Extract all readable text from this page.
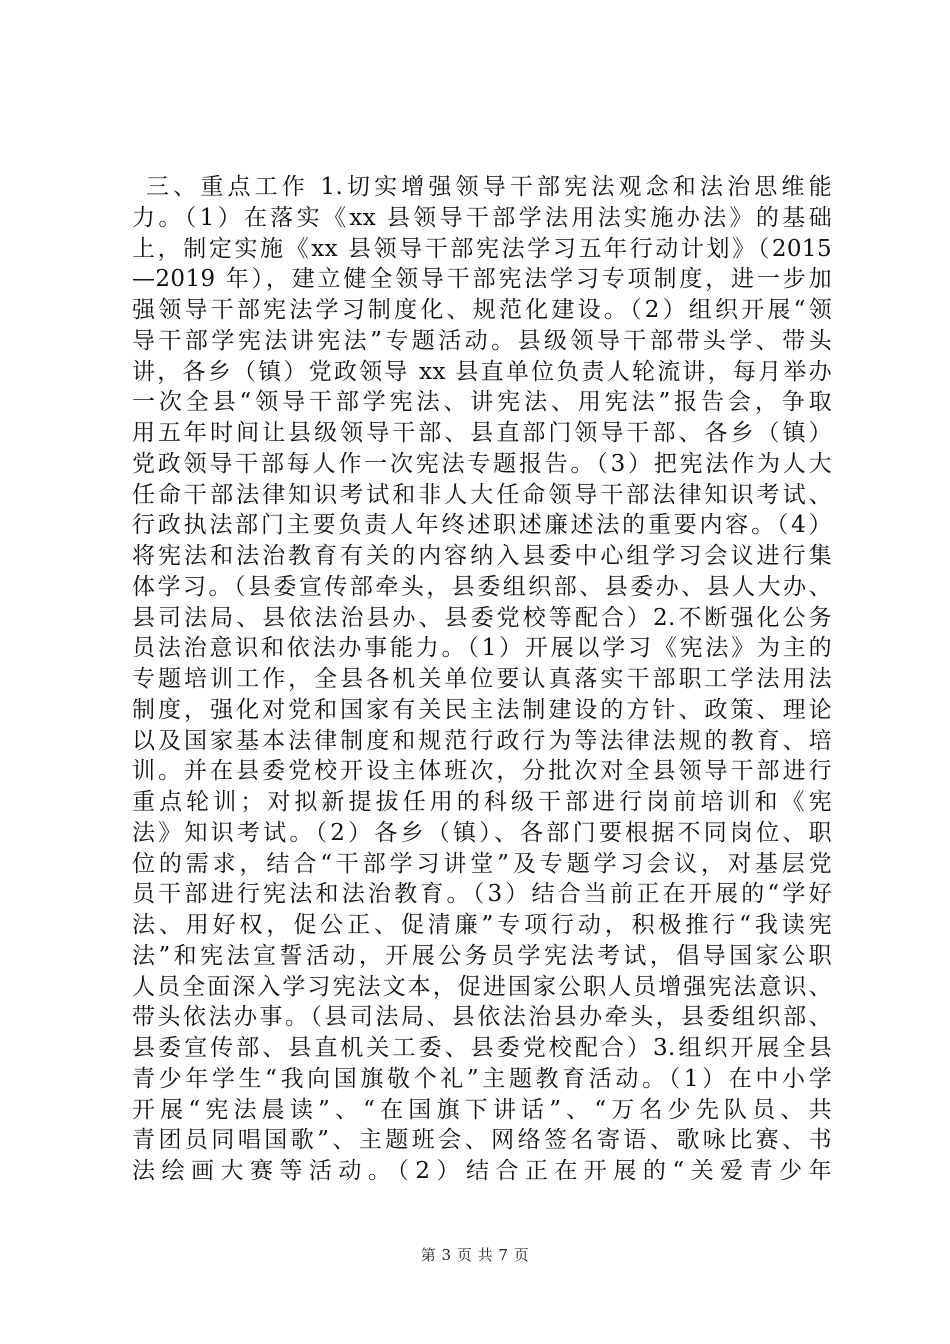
三、重点工作 1.切实增强领导干部宪法观念和法治思维能
力。（1）在落实《xx 县领导干部学法用法实施办法》的基础
上，制定实施《xx 县领导干部宪法学习五年行动计划》（2015
—2019 年），建立健全领导干部宪法学习专项制度，进一步加
强领导干部宪法学习制度化、规范化建设。（2）组织开展“领
导干部学宪法讲宪法”专题活动。县级领导干部带头学、带头
讲，各乡（镇）党政领导 xx 县直单位负责人轮流讲，每月举办
一次全县“领导干部学宪法、讲宪法、用宪法”报告会，争取
用五年时间让县级领导干部、县直部门领导干部、各乡（镇）
党政领导干部每人作一次宪法专题报告。（3）把宪法作为人大
任命干部法律知识考试和非人大任命领导干部法律知识考试、
行政执法部门主要负责人年终述职述廉述法的重要内容。（4）
将宪法和法治教育有关的内容纳入县委中心组学习会议进行集
体学习。（县委宣传部牵头，县委组织部、县委办、县人大办、
县司法局、县依法治县办、县委党校等配合）2.不断强化公务
员法治意识和依法办事能力。（1）开展以学习《宪法》为主的
专题培训工作，全县各机关单位要认真落实干部职工学法用法
制度，强化对党和国家有关民主法制建设的方针、政策、理论
以及国家基本法律制度和规范行政行为等法律法规的教育、培
训。并在县委党校开设主体班次，分批次对全县领导干部进行
重点轮训；对拟新提拔任用的科级干部进行岗前培训和《宪
法》知识考试。（2）各乡（镇）、各部门要根据不同岗位、职
位的需求，结合“干部学习讲堂”及专题学习会议，对基层党
员干部进行宪法和法治教育。（3）结合当前正在开展的“学好
法、用好权，促公正、促清廉”专项行动，积极推行“我读宪
法”和宪法宣誓活动，开展公务员学宪法考试，倡导国家公职
人员全面深入学习宪法文本，促进国家公职人员增强宪法意识、
带头依法办事。（县司法局、县依法治县办牵头，县委组织部、
县委宣传部、县直机关工委、县委党校配合）3.组织开展全县
青少年学生“我向国旗敬个礼”主题教育活动。（1）在中小学
开展“宪法晨读”、“在国旗下讲话”、“万名少先队员、共
青团员同唱国歌”、主题班会、网络签名寄语、歌咏比赛、书
法绘画大赛等活动。（2）结合正在开展的“关爱青少年
第 3 页 共 7 页
